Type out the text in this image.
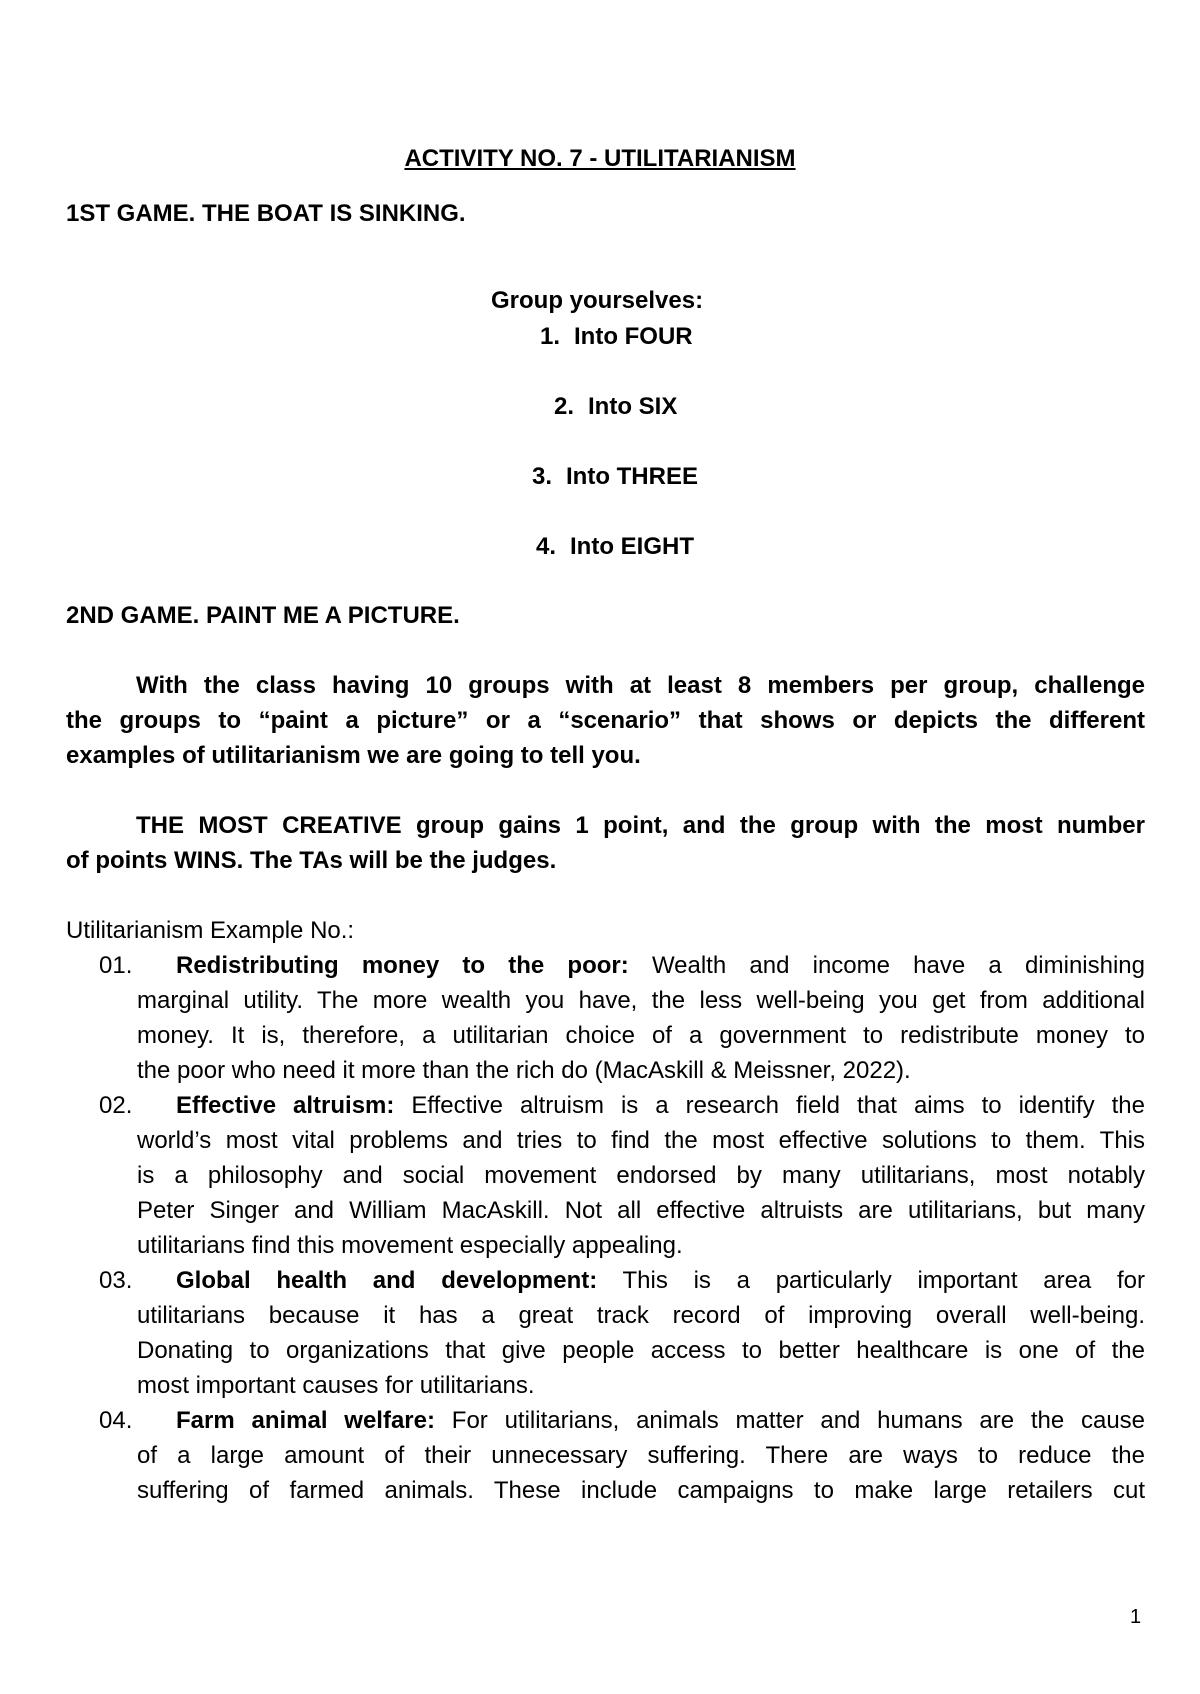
ACTIVITY NO. 7 - UTILITARIANISM
1ST GAME. THE BOAT IS SINKING.
Group yourselves:
1. Into FOUR
2. Into SIX
3. Into THREE
4. Into EIGHT
2ND GAME. PAINT ME A PICTURE.
With the class having 10 groups with at least 8 members per group, challenge
the groups to “paint a picture” or a “scenario” that shows or depicts the different
examples of utilitarianism we are going to tell you.
THE MOST CREATIVE group gains 1 point, and the group with the most number
of points WINS. The TAs will be the judges.
Utilitarianism Example No.:
01. Redistributing money to the poor: Wealth and income have a diminishing
marginal utility. The more wealth you have, the less well-being you get from additional
money. It is, therefore, a utilitarian choice of a government to redistribute money to
the poor who need it more than the rich do (MacAskill & Meissner, 2022).
02. Effective altruism: Effective altruism is a research field that aims to identify the
world’s most vital problems and tries to find the most effective solutions to them. This
is a philosophy and social movement endorsed by many utilitarians, most notably
Peter Singer and William MacAskill. Not all effective altruists are utilitarians, but many
utilitarians find this movement especially appealing.
03. Global health and development: This is a particularly important area for
utilitarians because it has a great track record of improving overall well-being.
Donating to organizations that give people access to better healthcare is one of the
most important causes for utilitarians.
04. Farm animal welfare: For utilitarians, animals matter and humans are the cause
of a large amount of their unnecessary suffering. There are ways to reduce the
suffering of farmed animals. These include campaigns to make large retailers cut
1
